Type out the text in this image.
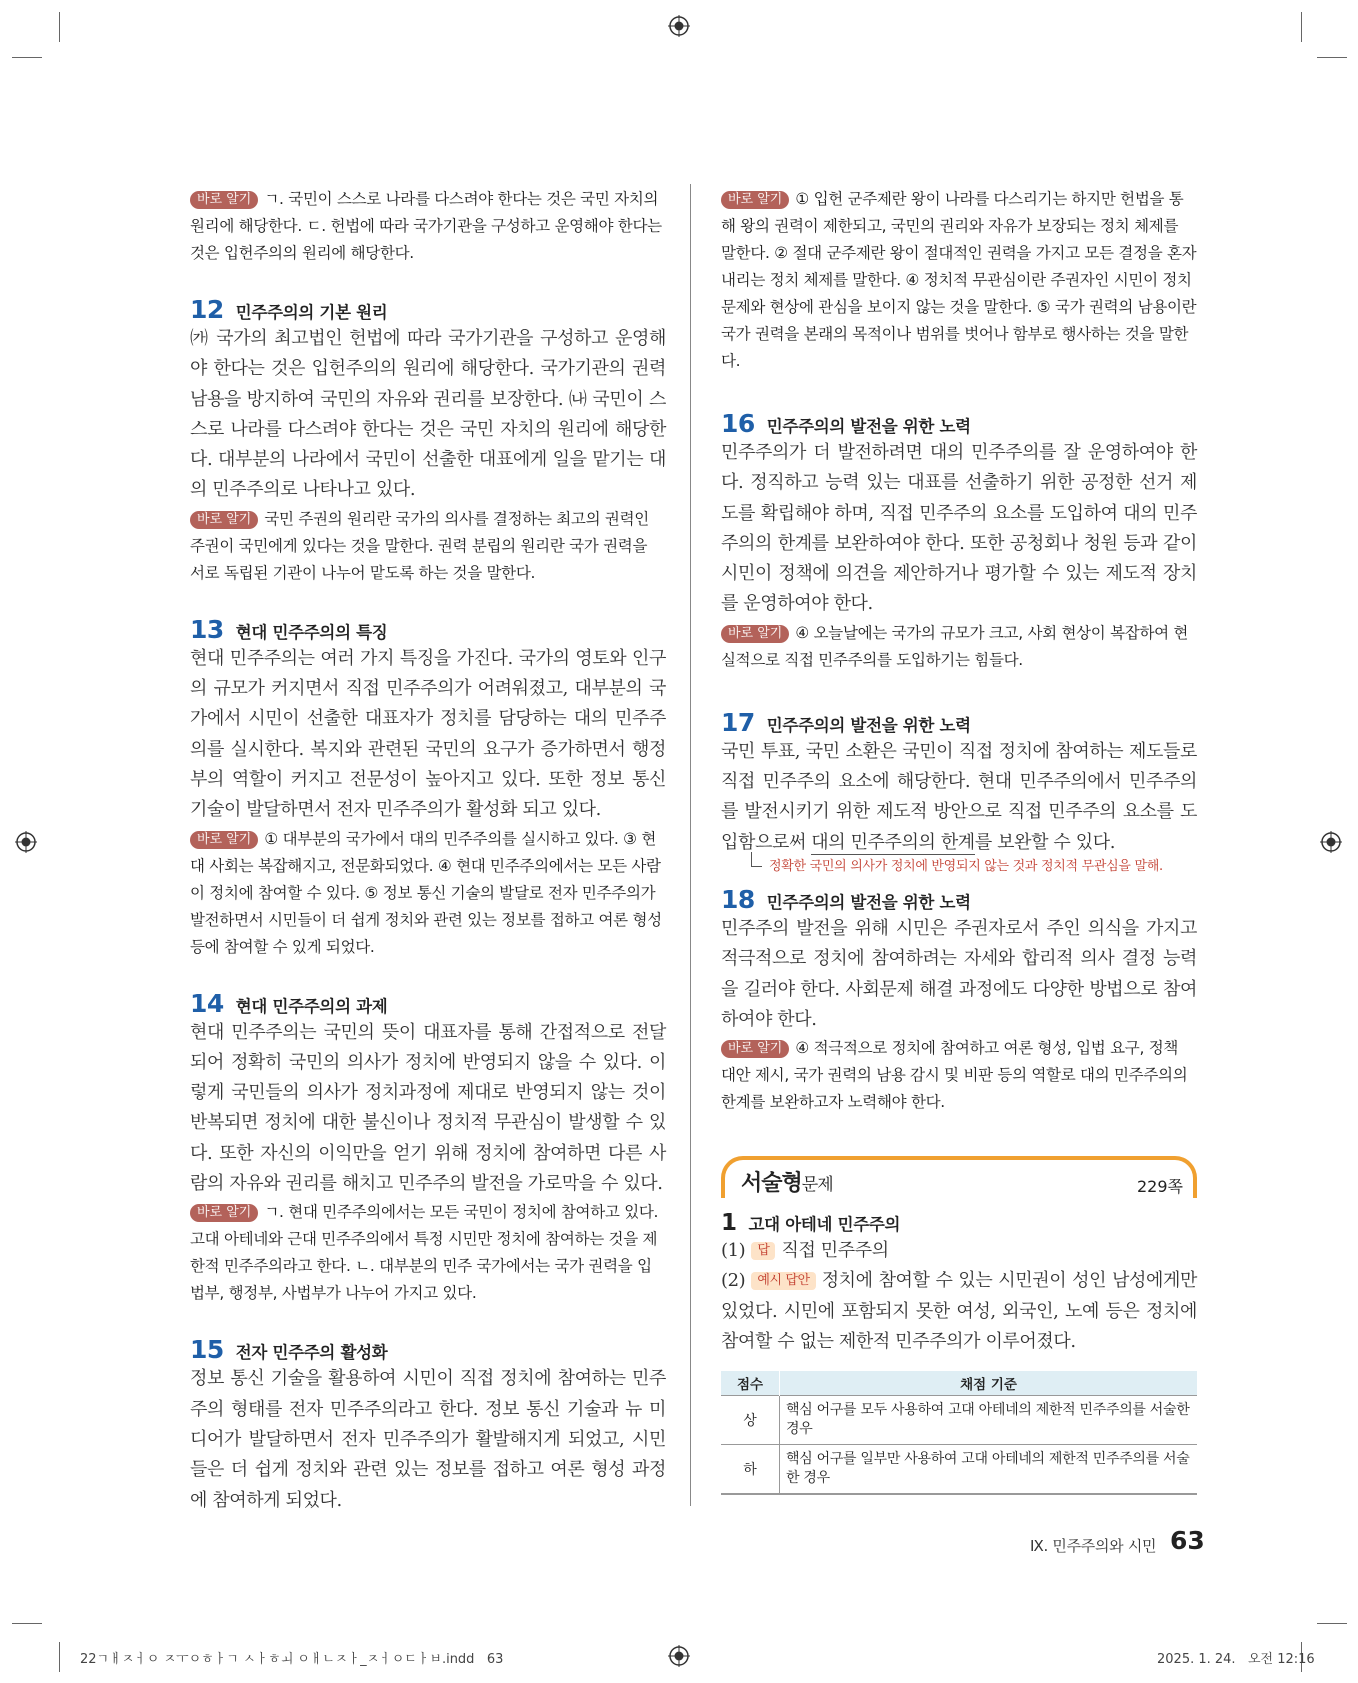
바로 알기 ㄱ. 국민이 스스로 나라를 다스려야 한다는 것은 국민 자치의 원리에 해당한다. ㄷ. 헌법에 따라 국가기관을 구성하고 운영해야 한다는 것은 입헌주의의 원리에 해당한다.

12 민주주의의 기본 원리

㈎ 국가의 최고법인 헌법에 따라 국가기관을 구성하고 운영해야 한다는 것은 입헌주의의 원리에 해당한다. 국가기관의 권력 남용을 방지하여 국민의 자유와 권리를 보장한다. ㈏ 국민이 스스로 나라를 다스려야 한다는 것은 국민 자치의 원리에 해당한다. 대부분의 나라에서 국민이 선출한 대표에게 일을 맡기는 대의 민주주의로 나타나고 있다.

바로 알기 국민 주권의 원리란 국가의 의사를 결정하는 최고의 권력인 주권이 국민에게 있다는 것을 말한다. 권력 분립의 원리란 국가 권력을 서로 독립된 기관이 나누어 맡도록 하는 것을 말한다.

13 현대 민주주의의 특징

현대 민주주의는 여러 가지 특징을 가진다. 국가의 영토와 인구의 규모가 커지면서 직접 민주주의가 어려워졌고, 대부분의 국가에서 시민이 선출한 대표자가 정치를 담당하는 대의 민주주의를 실시한다. 복지와 관련된 국민의 요구가 증가하면서 행정부의 역할이 커지고 전문성이 높아지고 있다. 또한 정보 통신 기술이 발달하면서 전자 민주주의가 활성화 되고 있다.

바로 알기 ① 대부분의 국가에서 대의 민주주의를 실시하고 있다. ③ 현대 사회는 복잡해지고, 전문화되었다. ④ 현대 민주주의에서는 모든 사람이 정치에 참여할 수 있다. ⑤ 정보 통신 기술의 발달로 전자 민주주의가 발전하면서 시민들이 더 쉽게 정치와 관련 있는 정보를 접하고 여론 형성 등에 참여할 수 있게 되었다.

14 현대 민주주의의 과제

현대 민주주의는 국민의 뜻이 대표자를 통해 간접적으로 전달되어 정확히 국민의 의사가 정치에 반영되지 않을 수 있다. 이렇게 국민들의 의사가 정치과정에 제대로 반영되지 않는 것이 반복되면 정치에 대한 불신이나 정치적 무관심이 발생할 수 있다. 또한 자신의 이익만을 얻기 위해 정치에 참여하면 다른 사람의 자유와 권리를 해치고 민주주의 발전을 가로막을 수 있다.

바로 알기 ㄱ. 현대 민주주의에서는 모든 국민이 정치에 참여하고 있다. 고대 아테네와 근대 민주주의에서 특정 시민만 정치에 참여하는 것을 제한적 민주주의라고 한다. ㄴ. 대부분의 민주 국가에서는 국가 권력을 입법부, 행정부, 사법부가 나누어 가지고 있다.

15 전자 민주주의 활성화

정보 통신 기술을 활용하여 시민이 직접 정치에 참여하는 민주주의 형태를 전자 민주주의라고 한다. 정보 통신 기술과 뉴 미디어가 발달하면서 전자 민주주의가 활발해지게 되었고, 시민들은 더 쉽게 정치와 관련 있는 정보를 접하고 여론 형성 과정에 참여하게 되었다.

바로 알기 ① 입헌 군주제란 왕이 나라를 다스리기는 하지만 헌법을 통해 왕의 권력이 제한되고, 국민의 권리와 자유가 보장되는 정치 체제를 말한다. ② 절대 군주제란 왕이 절대적인 권력을 가지고 모든 결정을 혼자 내리는 정치 체제를 말한다. ④ 정치적 무관심이란 주권자인 시민이 정치 문제와 현상에 관심을 보이지 않는 것을 말한다. ⑤ 국가 권력의 남용이란 국가 권력을 본래의 목적이나 범위를 벗어나 함부로 행사하는 것을 말한다.

16 민주주의의 발전을 위한 노력

민주주의가 더 발전하려면 대의 민주주의를 잘 운영하여야 한다. 정직하고 능력 있는 대표를 선출하기 위한 공정한 선거 제도를 확립해야 하며, 직접 민주주의 요소를 도입하여 대의 민주주의의 한계를 보완하여야 한다. 또한 공청회나 청원 등과 같이 시민이 정책에 의견을 제안하거나 평가할 수 있는 제도적 장치를 운영하여야 한다.

바로 알기 ④ 오늘날에는 국가의 규모가 크고, 사회 현상이 복잡하여 현실적으로 직접 민주주의를 도입하기는 힘들다.

17 민주주의의 발전을 위한 노력

국민 투표, 국민 소환은 국민이 직접 정치에 참여하는 제도들로 직접 민주주의 요소에 해당한다. 현대 민주주의에서 민주주의를 발전시키기 위한 제도적 방안으로 직접 민주주의 요소를 도입함으로써 대의 민주주의의 한계를 보완할 수 있다.

정확한 국민의 의사가 정치에 반영되지 않는 것과 정치적 무관심을 말해.

18 민주주의의 발전을 위한 노력

민주주의 발전을 위해 시민은 주권자로서 주인 의식을 가지고 적극적으로 정치에 참여하려는 자세와 합리적 의사 결정 능력을 길러야 한다. 사회문제 해결 과정에도 다양한 방법으로 참여하여야 한다.

바로 알기 ④ 적극적으로 정치에 참여하고 여론 형성, 입법 요구, 정책 대안 제시, 국가 권력의 남용 감시 및 비판 등의 역할로 대의 민주주의의 한계를 보완하고자 노력해야 한다.

서술형문제	229쪽
1 고대 아테네 민주주의

(1) 답 직접 민주주의

(2) 예시 답안 정치에 참여할 수 있는 시민권이 성인 남성에게만 있었다. 시민에 포함되지 못한 여성, 외국인, 노예 등은 정치에 참여할 수 없는 제한적 민주주의가 이루어졌다.

점수	채점 기준
상	핵심 어구를 모두 사용하여 고대 아테네의 제한적 민주주의를 서술한 경우
하	핵심 어구를 일부만 사용하여 고대 아테네의 제한적 민주주의를 서술한 경우
Ⅸ. 민주주의와 시민 63
22ㄱㅐㅈㅓㅇ ㅈㅜㅇㅎㅏㄱ ㅅㅏㅎㅚ ㅇㅐㄴㅈㅏ_ㅈㅓㅇㄷㅏㅂ.indd   63	2025. 1. 24.   오전 12:16
